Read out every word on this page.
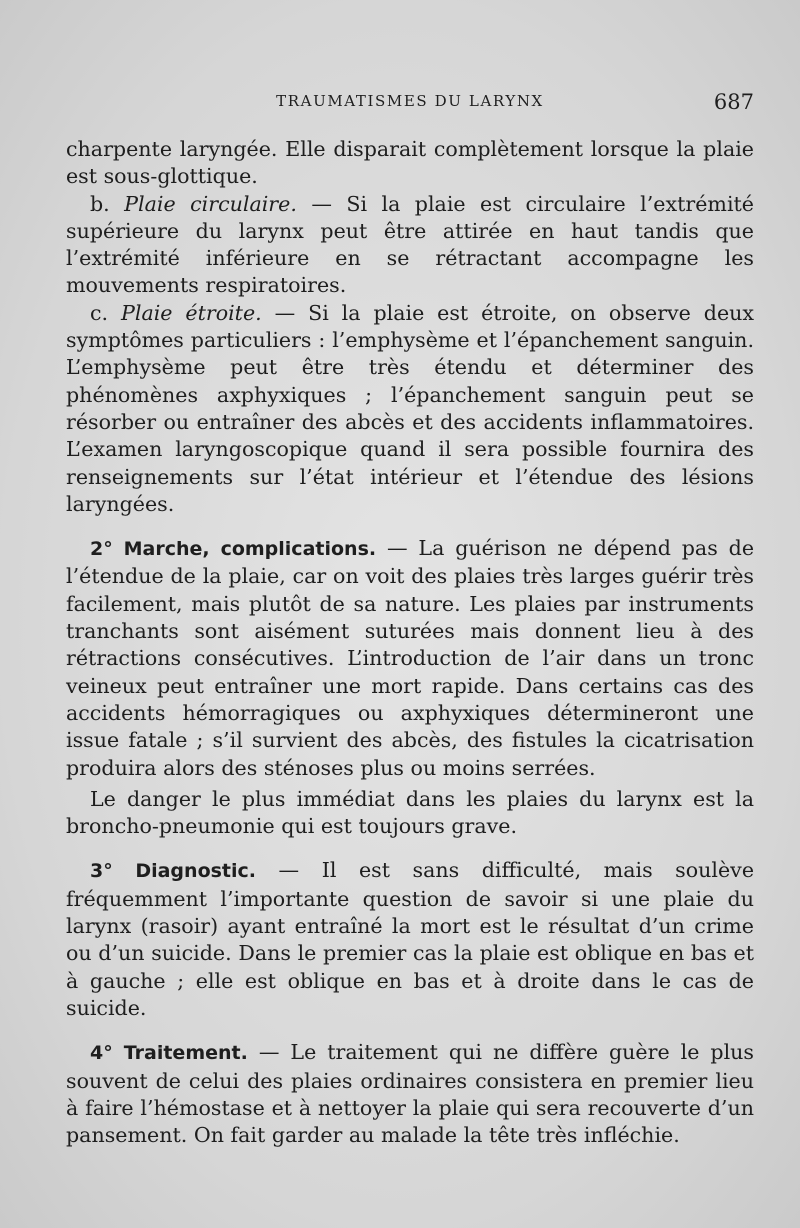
TRAUMATISMES DU LARYNX	687

charpente laryngée. Elle disparait complètement lorsque la plaie est sous-glottique.

b. Plaie circulaire. — Si la plaie est circulaire l’extrémité supérieure du larynx peut être attirée en haut tandis que l’extrémité inférieure en se rétractant accompagne les mouvements respiratoires.

c. Plaie étroite. — Si la plaie est étroite, on observe deux symptômes particuliers : l’emphysème et l’épanchement sanguin. L’emphysème peut être très étendu et déterminer des phénomènes axphyxiques ; l’épanchement sanguin peut se résorber ou entraîner des abcès et des accidents inflammatoires. L’examen laryngoscopique quand il sera possible fournira des renseignements sur l’état intérieur et l’étendue des lésions laryngées.

2° Marche, complications. — La guérison ne dépend pas de l’étendue de la plaie, car on voit des plaies très larges guérir très facilement, mais plutôt de sa nature. Les plaies par instruments tranchants sont aisément suturées mais donnent lieu à des rétractions consécutives. L’introduction de l’air dans un tronc veineux peut entraîner une mort rapide. Dans certains cas des accidents hémorragiques ou axphyxiques détermineront une issue fatale ; s’il survient des abcès, des fistules la cicatrisation produira alors des sténoses plus ou moins serrées.

Le danger le plus immédiat dans les plaies du larynx est la broncho-pneumonie qui est toujours grave.

3° Diagnostic. — Il est sans difficulté, mais soulève fréquemment l’importante question de savoir si une plaie du larynx (rasoir) ayant entraîné la mort est le résultat d’un crime ou d’un suicide. Dans le premier cas la plaie est oblique en bas et à gauche ; elle est oblique en bas et à droite dans le cas de suicide.

4° Traitement. — Le traitement qui ne diffère guère le plus souvent de celui des plaies ordinaires consistera en premier lieu à faire l’hémostase et à nettoyer la plaie qui sera recouverte d’un pansement. On fait garder au malade la tête très infléchie.
